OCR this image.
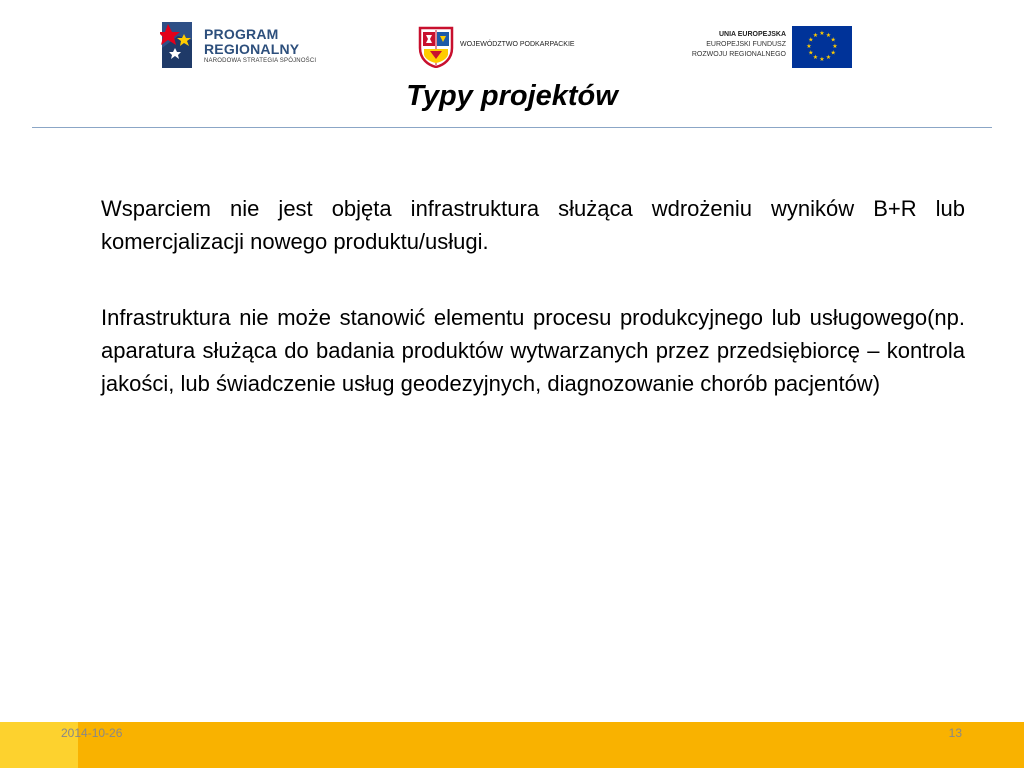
PROGRAM
REGIONALNY
NARODOWA STRATEGIA SPÓJNOŚCI
WOJEWÓDZTWO PODKARPACKIE
UNIA EUROPEJSKA
EUROPEJSKI FUNDUSZ
ROZWOJU REGIONALNEGO
★ ★
★
★
★
★
★
★
★
★
★
★
Typy projektów

Wsparciem nie jest objęta infrastruktura służąca wdrożeniu wyników B+R lub komercjalizacji nowego produktu/usługi.

Infrastruktura nie może stanowić elementu procesu produkcyjnego lub usługowego(np. aparatura służąca do badania produktów wytwarzanych przez przedsiębiorcę – kontrola jakości, lub świadczenie usług geodezyjnych, diagnozowanie chorób pacjentów)

2014-10-26	13
